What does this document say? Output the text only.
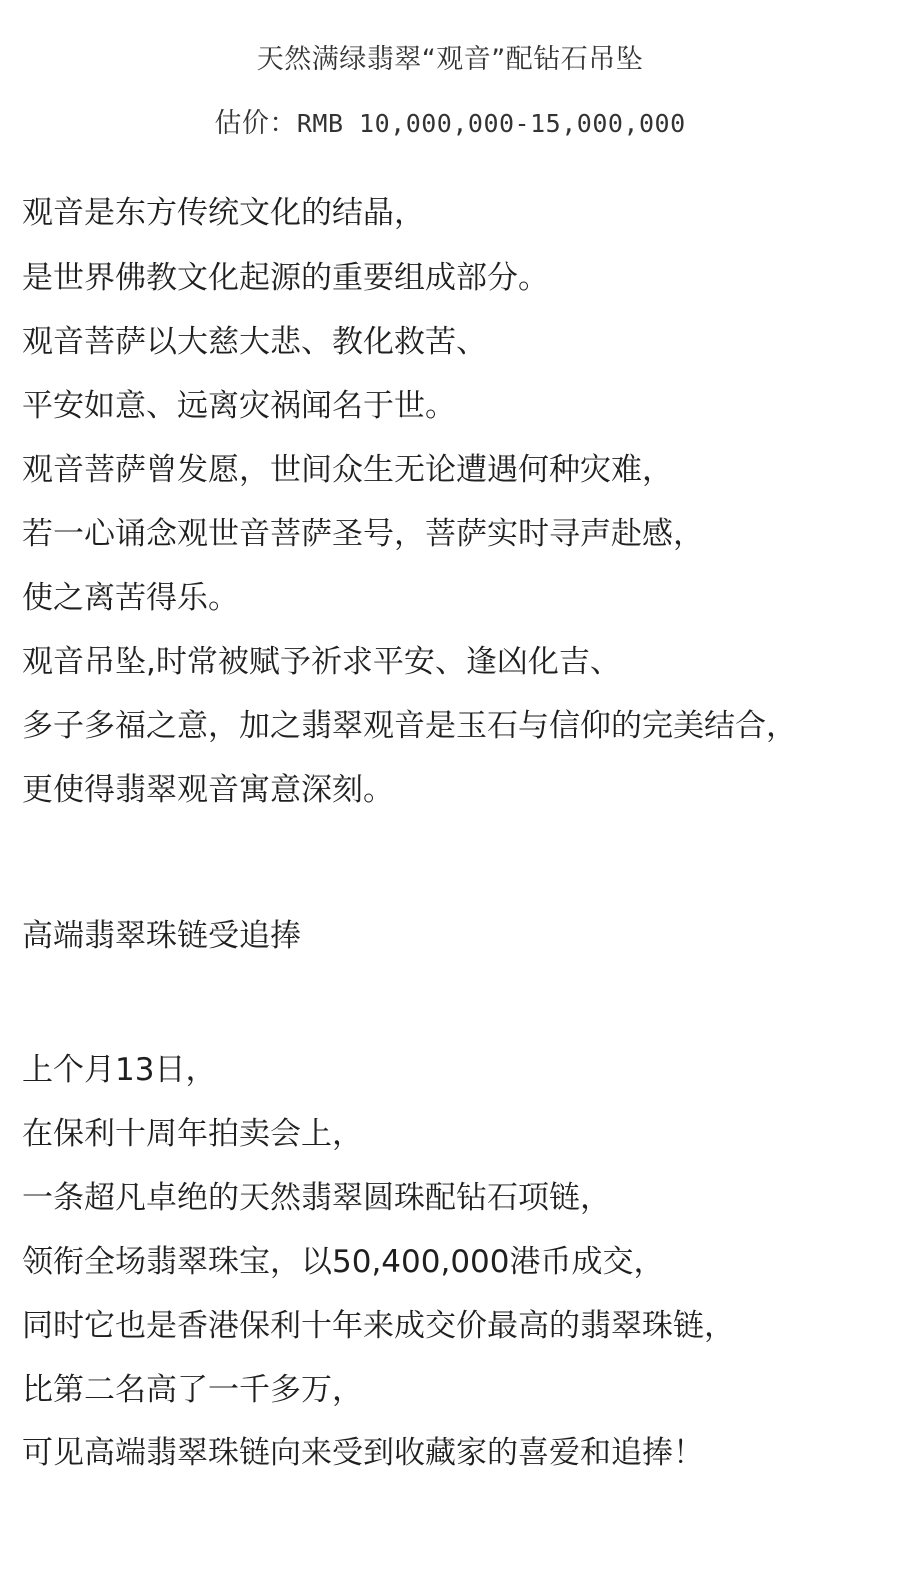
天然满绿翡翠“观音”配钻石吊坠
估价：RMB 10,000,000-15,000,000
观音是东方传统文化的结晶，
是世界佛教文化起源的重要组成部分。
观音菩萨以大慈大悲、教化救苦、
平安如意、远离灾祸闻名于世。
观音菩萨曾发愿，世间众生无论遭遇何种灾难，
若一心诵念观世音菩萨圣号，菩萨实时寻声赴感，
使之离苦得乐。
观音吊坠,时常被赋予祈求平安、逢凶化吉、
多子多福之意，加之翡翠观音是玉石与信仰的完美结合，
更使得翡翠观音寓意深刻。
高端翡翠珠链受追捧
上个月13日，
在保利十周年拍卖会上，
一条超凡卓绝的天然翡翠圆珠配钻石项链，
领衔全场翡翠珠宝，以50,400,000港币成交，
同时它也是香港保利十年来成交价最高的翡翠珠链，
比第二名高了一千多万，
可见高端翡翠珠链向来受到收藏家的喜爱和追捧！
